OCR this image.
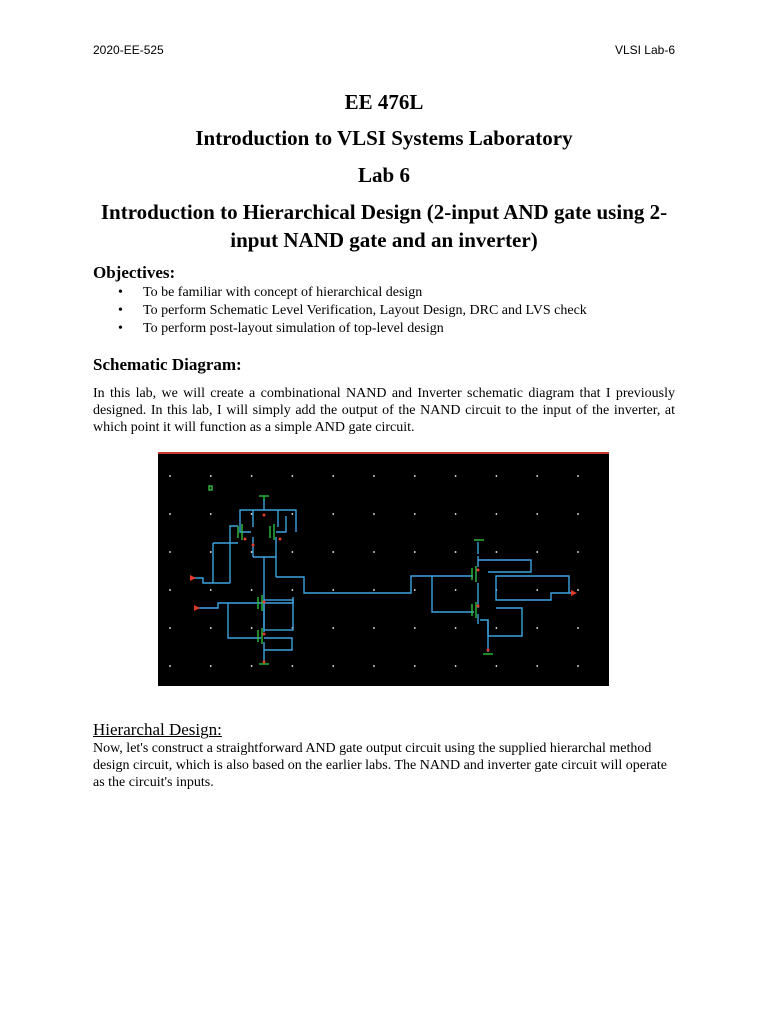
2020-EE-525	VLSI Lab-6
EE 476L
Introduction to VLSI Systems Laboratory
Lab 6
Introduction to Hierarchical Design (2-input AND gate using 2-input NAND gate and an inverter)
Objectives:
• To be familiar with concept of hierarchical design
• To perform Schematic Level Verification, Layout Design, DRC and LVS check
• To perform post-layout simulation of top-level design
Schematic Diagram:
In this lab, we will create a combinational NAND and Inverter schematic diagram that I previously designed. In this lab, I will simply add the output of the NAND circuit to the input of the inverter, at which point it will function as a simple AND gate circuit.
Hierarchal Design:
Now, let's construct a straightforward AND gate output circuit using the supplied hierarchal method design circuit, which is also based on the earlier labs. The NAND and inverter gate circuit will operate as the circuit's inputs.
